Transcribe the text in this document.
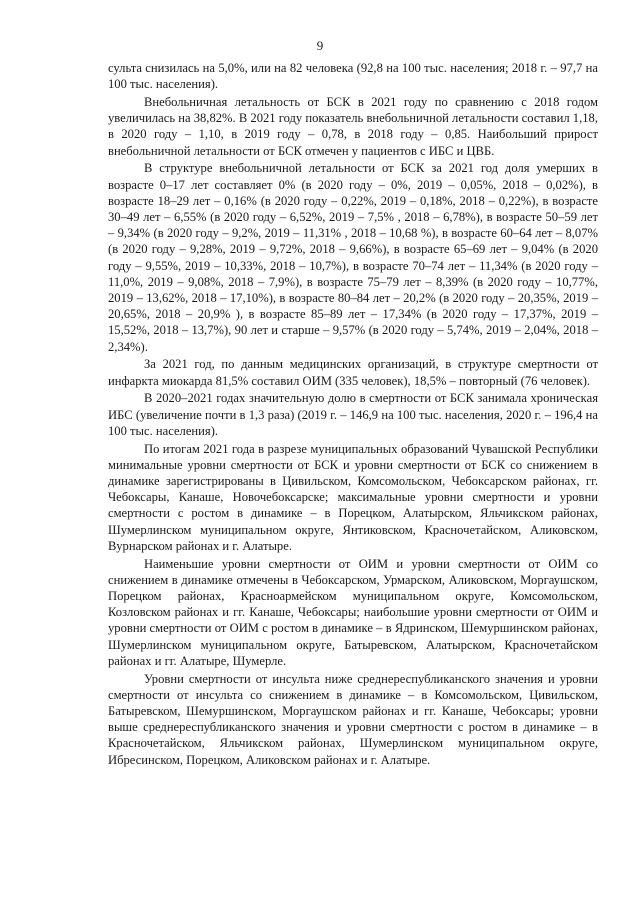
9

сульта снизилась на 5,0%, или на 82 человека (92,8 на 100 тыс. населения; 2018 г. – 97,7 на 100 тыс. населения).

Внебольничная летальность от БСК в 2021 году по сравнению с 2018 годом увеличилась на 38,82%. В 2021 году показатель внебольничной летальности составил 1,18, в 2020 году – 1,10, в 2019 году – 0,78, в 2018 году – 0,85. Наибольший прирост внебольничной летальности от БСК отмечен у пациентов с ИБС и ЦВБ.

В структуре внебольничной летальности от БСК за 2021 год доля умерших в возрасте 0–17 лет составляет 0% (в 2020 году – 0%, 2019 – 0,05%, 2018 – 0,02%), в возрасте 18–29 лет – 0,16% (в 2020 году – 0,22%, 2019 – 0,18%, 2018 – 0,22%), в возрасте 30–49 лет – 6,55% (в 2020 году – 6,52%, 2019 – 7,5% , 2018 – 6,78%), в возрасте 50–59 лет – 9,34% (в 2020 году – 9,2%, 2019 – 11,31% , 2018 – 10,68 %), в возрасте 60–64 лет – 8,07% (в 2020 году – 9,28%, 2019 – 9,72%, 2018 – 9,66%), в возрасте 65–69 лет – 9,04% (в 2020 году – 9,55%, 2019 – 10,33%, 2018 – 10,7%), в возрасте 70–74 лет – 11,34% (в 2020 году – 11,0%, 2019 – 9,08%, 2018 – 7,9%), в возрасте 75–79 лет – 8,39% (в 2020 году – 10,77%, 2019 – 13,62%, 2018 – 17,10%), в возрасте 80–84 лет – 20,2% (в 2020 году – 20,35%, 2019 – 20,65%, 2018 – 20,9% ), в возрасте 85–89 лет – 17,34% (в 2020 году – 17,37%, 2019 – 15,52%, 2018 – 13,7%), 90 лет и старше – 9,57% (в 2020 году – 5,74%, 2019 – 2,04%, 2018 – 2,34%).

За 2021 год, по данным медицинских организаций, в структуре смертности от инфаркта миокарда 81,5% составил ОИМ (335 человек), 18,5% – повторный (76 человек).

В 2020–2021 годах значительную долю в смертности от БСК занимала хроническая ИБС (увеличение почти в 1,3 раза) (2019 г. – 146,9 на 100 тыс. населения, 2020 г. – 196,4 на 100 тыс. населения).

По итогам 2021 года в разрезе муниципальных образований Чувашской Республики минимальные уровни смертности от БСК и уровни смертности от БСК со снижением в динамике зарегистрированы в Цивильском, Комсомольском, Чебоксарском районах, гг. Чебоксары, Канаше, Новочебоксарске; максимальные уровни смертности и уровни смертности с ростом в динамике – в Порецком, Алатырском, Яльчикском районах, Шумерлинском муниципальном округе, Янтиковском, Красночетайском, Аликовском, Вурнарском районах и г. Алатыре.

Наименьшие уровни смертности от ОИМ и уровни смертности от ОИМ со снижением в динамике отмечены в Чебоксарском, Урмарском, Аликовском, Моргаушском, Порецком районах, Красноармейском муниципальном округе, Комсомольском, Козловском районах и гг. Канаше, Чебоксары; наибольшие уровни смертности от ОИМ и уровни смертности от ОИМ с ростом в динамике – в Ядринском, Шемуршинском районах, Шумерлинском муниципальном округе, Батыревском, Алатырском, Красночетайском районах и гг. Алатыре, Шумерле.

Уровни смертности от инсульта ниже среднереспубликанского значения и уровни смертности от инсульта со снижением в динамике – в Комсомольском, Цивильском, Батыревском, Шемуршинском, Моргаушском районах и гг. Канаше, Чебоксары; уровни выше среднереспубликанского значения и уровни смертности с ростом в динамике – в Красночетайском, Яльчикском районах, Шумерлинском муниципальном округе, Ибресинском, Порецком, Аликовском районах и г. Алатыре.
